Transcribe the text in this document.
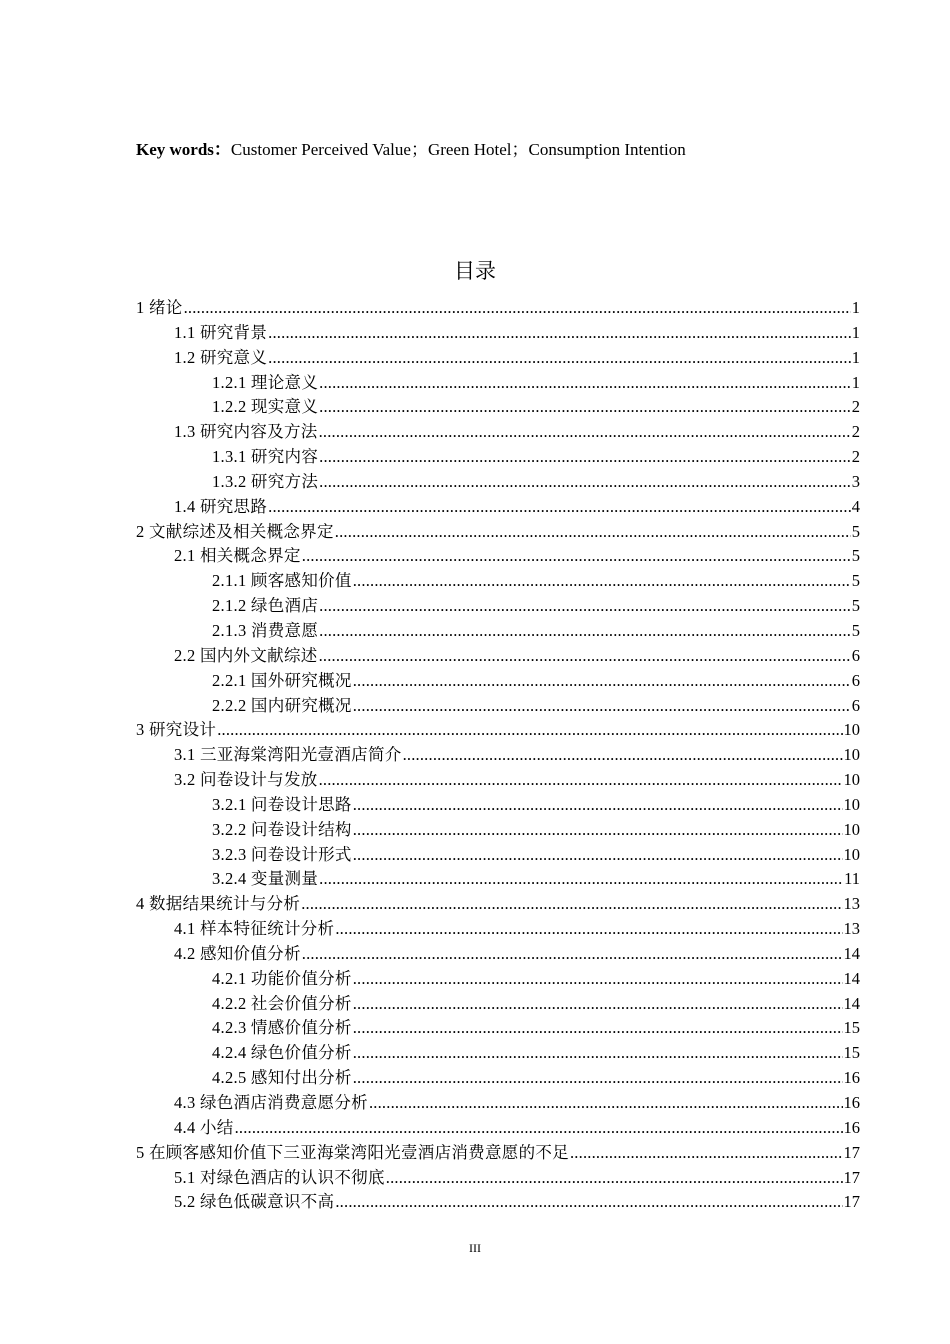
Key words：Customer Perceived Value；Green Hotel；Consumption Intention
目录
1 绪论 .....	1
1.1 研究背景 .....	1
1.2 研究意义 .....	1
1.2.1 理论意义 .....	1
1.2.2 现实意义 .....	2
1.3 研究内容及方法 .....	2
1.3.1 研究内容 .....	2
1.3.2 研究方法 .....	3
1.4 研究思路 .....	4
2 文献综述及相关概念界定 .....	5
2.1 相关概念界定 .....	5
2.1.1 顾客感知价值 .....	5
2.1.2 绿色酒店 .....	5
2.1.3 消费意愿 .....	5
2.2 国内外文献综述 .....	6
2.2.1 国外研究概况 .....	6
2.2.2 国内研究概况 .....	6
3 研究设计 .....	10
3.1 三亚海棠湾阳光壹酒店简介 .....	10
3.2 问卷设计与发放 .....	10
3.2.1 问卷设计思路 .....	10
3.2.2 问卷设计结构 .....	10
3.2.3 问卷设计形式 .....	10
3.2.4 变量测量 .....	11
4 数据结果统计与分析 .....	13
4.1 样本特征统计分析 .....	13
4.2 感知价值分析 .....	14
4.2.1 功能价值分析 .....	14
4.2.2 社会价值分析 .....	14
4.2.3 情感价值分析 .....	15
4.2.4 绿色价值分析 .....	15
4.2.5 感知付出分析 .....	16
4.3 绿色酒店消费意愿分析 .....	16
4.4 小结 .....	16
5 在顾客感知价值下三亚海棠湾阳光壹酒店消费意愿的不足 .....	17
5.1 对绿色酒店的认识不彻底 .....	17
5.2 绿色低碳意识不高 .....	17
III
